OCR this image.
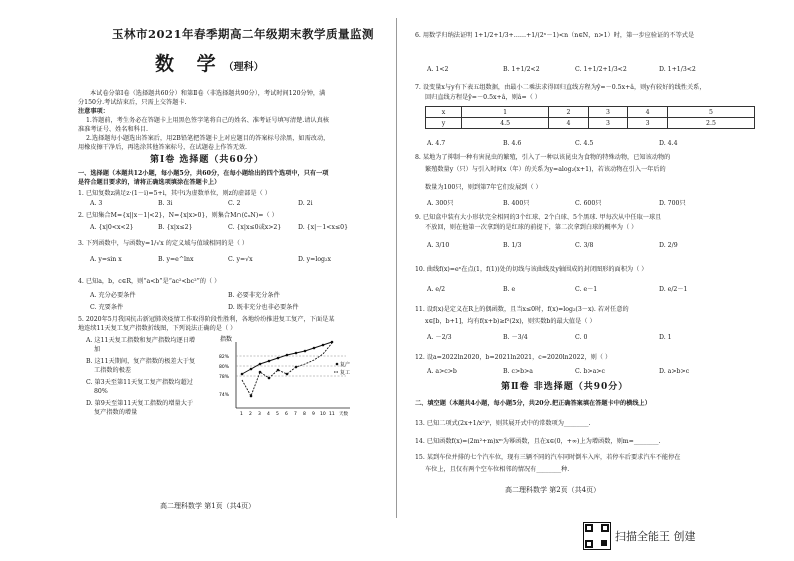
玉林市2021年春季期高二年级期末教学质量监测
数 学（理科）
本试卷分第Ⅰ卷（选择题共60分）和第Ⅱ卷（非选择题共90分），考试时间120分钟，满
分150分.考试结束后，只需上交答题卡.
注意事项：
1.答题前，考生务必在答题卡上用黑色签字笔将自己的姓名、准考证号填写清楚.请认真核
准准考证号、姓名和科目.
2.选择题每小题选出答案后，用2B铅笔把答题卡上对应题目的答案标号涂黑，如需改动，
用橡皮擦干净后，再选涂其他答案标号，在试题卷上作答无效.
第Ⅰ卷 选择题（共60分）
一、选择题（本题共12小题，每小题5分，共60分，在每小题给出的四个选项中，只有一项
是符合题目要求的，请将正确选项填涂在答题卡上）
1. 已知复数z满足z·(1－i)=5+i，其中i为虚数单位，则z的虚部是（ ）
A. 3	B. 3i	C. 2	D. 2i
2. 已知集合M={x||x－1|<2}，N={x|x>0}，则集合M∩(∁ᵤN)=（ ）
A. {x|0<x<2}	B. {x|x≤2}	C. {x|x≤0或x>2}	D. {x|－1<x≤0}
3. 下列函数中，与函数y=1/√x 的定义域与值域相同的是（ ）
A. y=sin x	B. y=e^lnx	C. y=√x	D. y=log₂x
4. 已知a，b，c∈R，则“a<b”是“ac²<bc²”的（ ）
A. 充分必要条件	B. 必要非充分条件
C. 充要条件	D. 既非充分也非必要条件
5. 2020年5月我国抗击新冠肺炎疫情工作取得阶段性胜利，各地纷纷推进复工复产，下面是某
地连续11天复工复产指数折线图，下列说法正确的是（ ）
A. 这11天复工指数和复产指数均逐日增
加
B. 这11天期间，复产指数的极差大于复
工指数的极差
C. 第3天至第11天复工复产指数均超过
80%
D. 第9天至第11天复工指数的增量大于
复产指数的增量
指数
82%
80%
78%
74%
1 2 3 4 5 6 7 8 9 10 11 天数
复产
复工
高二理科数学 第1页（共4页）
6. 用数学归纳法证明 1+1/2+1/3+……+1/(2ⁿ－1)<n（n∈N，n>1）时，第一步应验证的不等式是
A. 1<2	B. 1+1/2<2	C. 1+1/2+1/3<2	D. 1+1/3<2
7. 设变量x与y有下表五组数据，由最小二乘法求得回归直线方程为ŷ=－0.5x+â，则y有较好的线性关系，
回归直线方程是ŷ=－0.5x+â，则â=（ ）
x	1	2	3	4	5
y	4.5	4	3	3	2.5
A. 4.7	B. 4.6	C. 4.5	D. 4.4
8. 某地为了抑制一种有害昆虫的繁殖，引入了一种以该昆虫为食物的特殊动物，已知该动物的
繁殖数量y（只）与引入时间x（年）的关系为y=alog₂(x+1)，若该动物在引入一年后的
数量为100只，则到第7年它们发展到（ ）
A. 300只	B. 400只	C. 600只	D. 700只
9. 已知盒中装有大小形状完全相同的3个红球、2个白球、5个黑球. 甲每次从中任取一球且
不放回，则在他第一次拿到的是红球的前提下，第二次拿到白球的概率为（ ）
A. 3/10	B. 1/3	C. 3/8	D. 2/9
10. 曲线f(x)=eˣ在点(1，f(1))处的切线与该曲线及y轴围成的封闭图形的面积为（ ）
A. e/2	B. e	C. e－1	D. e/2－1
11. 设f(x)是定义在R上的偶函数，且当x≤0时，f(x)=log₂(3－x). 若对任意的
x∈[b，b+1]，均有f(x+b)≥f²(2x)，则实数b的最大值是（ ）
A. －2/3	B. －3/4	C. 0	D. 1
12. 设a=2022ln2020，b=2021ln2021，c=2020ln2022，则（ ）
A. a>c>b	B. c>b>a	C. b>a>c	D. a>b>c
第Ⅱ卷 非选择题（共90分）
二、填空题（本题共4小题，每小题5分，共20分.把正确答案填在答题卡中的横线上）
13. 已知二项式(2x+1/x²)⁵，则其展开式中的常数项为________.
14. 已知函数f(x)=(2m²+m)xᵐ为幂函数，且在x∈(0，+∞)上为增函数，则m=________.
15. 某到车位并排的七个汽车位，现有三辆不同的汽车同时倒车入库，若停车后要求汽车不能停在
车位上，且仅有两个空车位相邻的情况有________种.
高二理科数学 第2页（共4页）
扫描全能王 创建
